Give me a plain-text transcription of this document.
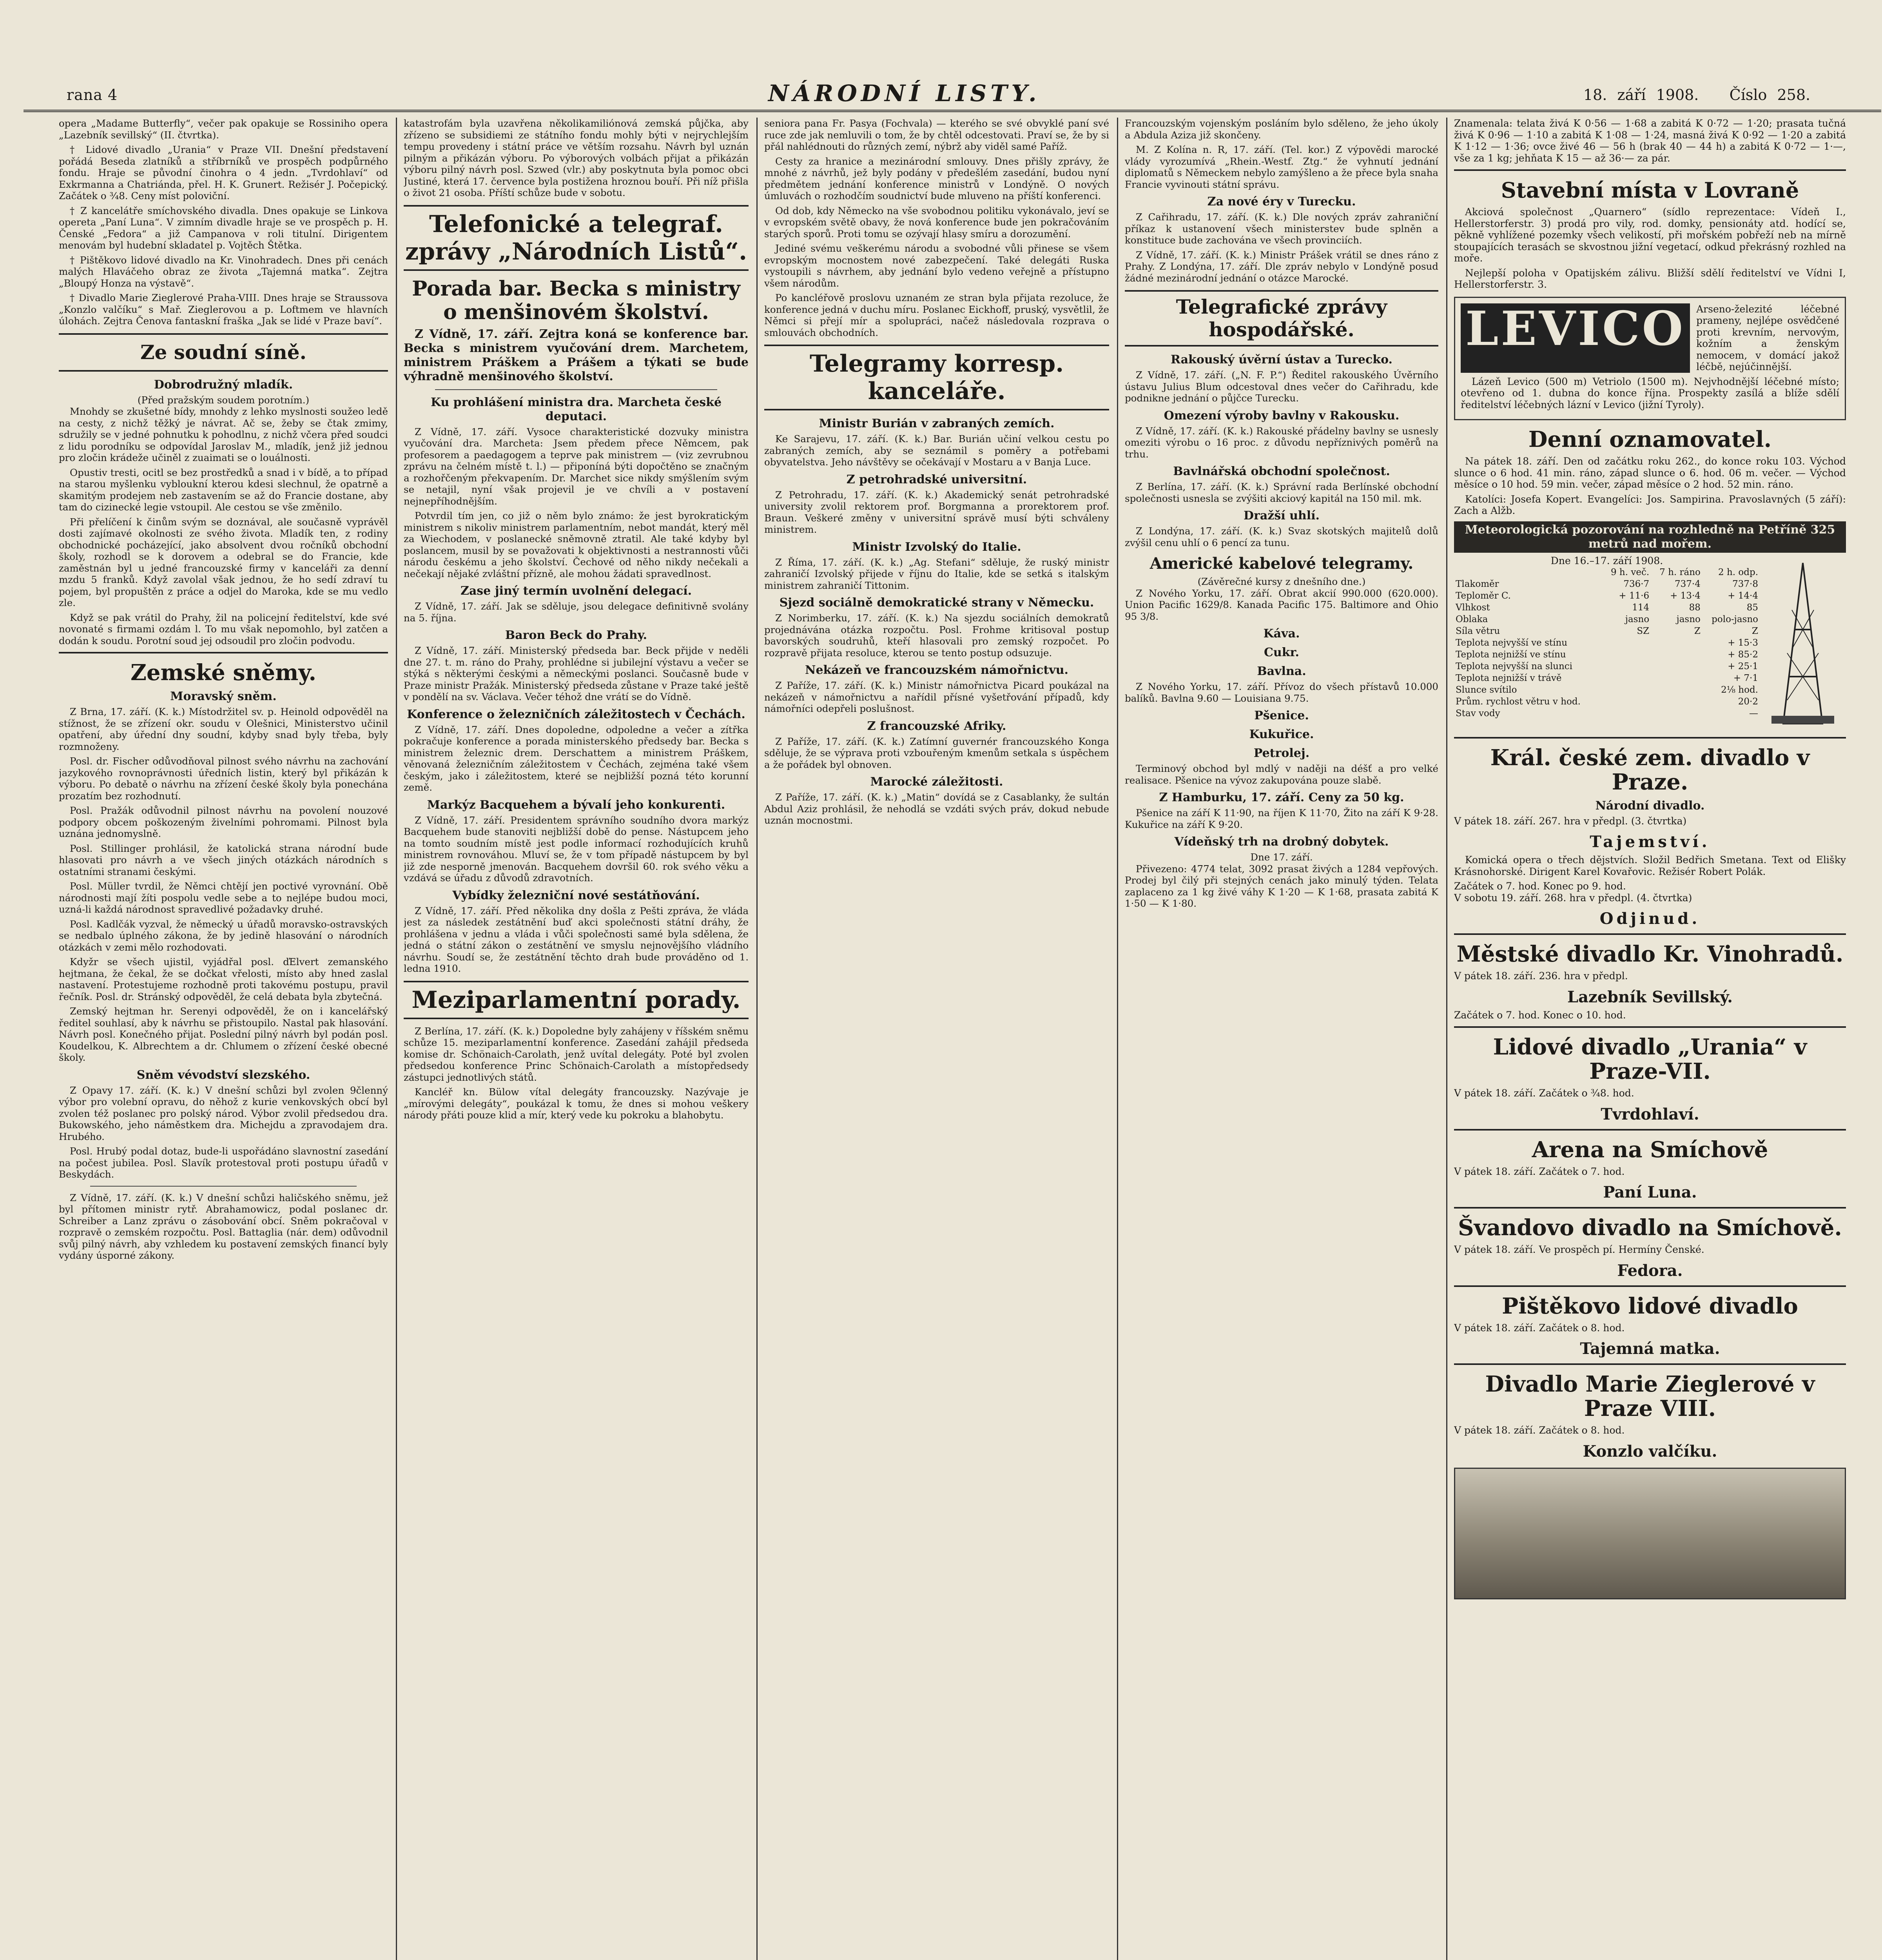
rana 4	NÁRODNÍ LISTY.	18. září 1908. Číslo 258.

opera „Madame Butterfly“, večer pak opakuje se Rossiniho opera „Lazebník sevillský“ (II. čtvrtka).

† Lidové divadlo „Urania“ v Praze VII. Dnešní představení pořádá Beseda zlatníků a stříbrníků ve prospěch podpůrného fondu. Hraje se původní činohra o 4 jedn. „Tvrdohlaví“ od Exkrmanna a Chatriánda, přel. H. K. Grunert. Režisér J. Počepický. Začátek o ¾8. Ceny míst poloviční.

† Z kancelátře smíchovského divadla. Dnes opakuje se Linkova opereta „Paní Luna“. V zimním divadle hraje se ve prospěch p. H. Čenské „Fedora“ a již Campanova v roli titulní. Dirigentem menovám byl hudební skladatel p. Vojtěch Štětka.

† Pištěkovo lidové divadlo na Kr. Vinohradech. Dnes při cenách malých Hlaváčeho obraz ze života „Tajemná matka“. Zejtra „Bloupý Honza na výstavě“.

† Divadlo Marie Zieglerové Praha-VIII. Dnes hraje se Straussova „Konzlo valčíku“ s Mař. Zieglerovou a p. Loftmem ve hlavních úlohách. Zejtra Čenova fantaskní fraška „Jak se lidé v Praze baví“.

Ze soudní síně.
Dobrodružný mladík.
(Před pražským soudem porotním.)

Mnohdy se zkušetné bídy, mnohdy z lehko myslnosti soužeo ledě na cesty, z nichž těžký je návrat. Ač se, žeby se čtak zmimy, sdružily se v jedné pohnutku k pohodlnu, z nichž včera před soudci z lidu porodníku se odpovídal Jaroslav M., mladík, jenž již jednou pro zločin krádeže učiněl z zuaimati se o louálnosti.

Opustiv tresti, ocitl se bez prostředků a snad i v bídě, a to případ na starou myšlenku vybloukní kterou kdesi slechnul, že opatrně a skamitým prodejem neb zastavením se až do Francie dostane, aby tam do cizinecké legie vstoupil. Ale cestou se vše změnilo.

Při přelíčení k činům svým se doznával, ale současně vyprávěl dosti zajímavé okolnosti ze svého života. Mladík ten, z rodiny obchodnické pocházející, jako absolvent dvou ročníků obchodní školy, rozhodl se k dorovem a odebral se do Francie, kde zaměstnán byl u jedné francouzské firmy v kanceláři za denní mzdu 5 franků. Když zavolal však jednou, že ho sedí zdraví tu pojem, byl propuštěn z práce a odjel do Maroka, kde se mu vedlo zle.

Když se pak vrátil do Prahy, žil na policejní ředitelství, kde své novonaté s firmami ozdám l. To mu však nepomohlo, byl zatčen a dodán k soudu. Porotní soud jej odsoudil pro zločin podvodu.

Zemské sněmy.
Moravský sněm.

Z Brna, 17. září. (K. k.) Místodržitel sv. p. Heinold odpověděl na stížnost, že se zřízení okr. soudu v Olešnici, Ministerstvo učinil opatření, aby úřední dny soudní, kdyby snad byly třeba, byly rozmnoženy.

Posl. dr. Fischer odůvodňoval pilnost svého návrhu na zachování jazykového rovnoprávnosti úředních listin, který byl přikázán k výboru. Po debatě o návrhu na zřízení české školy byla ponechána prozatím bez rozhodnutí.

Posl. Pražák odůvodnil pilnost návrhu na povolení nouzové podpory obcem poškozeným živelními pohromami. Pilnost byla uznána jednomyslně.

Posl. Stillinger prohlásil, že katolická strana národní bude hlasovati pro návrh a ve všech jiných otázkách národních s ostatními stranami českými.

Posl. Müller tvrdil, že Němci chtějí jen poctivé vyrovnání. Obě národnosti mají žíti pospolu vedle sebe a to nejlépe budou moci, uzná-li každá národnost spravedlivé požadavky druhé.

Posl. Kadlčák vyzval, že německý u úřadů moravsko-ostravských se nedbalo úplného zákona, že by jedině hlasování o národních otázkách v zemi mělo rozhodovati.

Kdyžr se všech ujistil, vyjádřal posl. ďElvert zemanského hejtmana, že čekal, že se dočkat vřelosti, místo aby hned zaslal nastavení. Protestujeme rozhodně proti takovému postupu, pravil řečník. Posl. dr. Stránský odpověděl, že celá debata byla zbytečná.

Zemský hejtman hr. Serenyi odpověděl, že on i kancelářský ředitel souhlasí, aby k návrhu se přistoupilo. Nastal pak hlasování. Návrh posl. Konečného přijat. Poslední pilný návrh byl podán posl. Koudelkou, K. Albrechtem a dr. Chlumem o zřízení české obecné školy.

Sněm vévodství slezského.

Z Opavy 17. září. (K. k.) V dnešní schůzi byl zvolen 9členný výbor pro volební opravu, do něhož z kurie venkovských obcí byl zvolen též poslanec pro polský národ. Výbor zvolil předsedou dra. Bukowského, jeho náměstkem dra. Michejdu a zpravodajem dra. Hrubého.

Posl. Hrubý podal dotaz, bude-li uspořádáno slavnostní zasedání na počest jubilea. Posl. Slavík protestoval proti postupu úřadů v Beskydách.

Z Vídně, 17. září. (K. k.) V dnešní schůzi haličského sněmu, jež byl přítomen ministr rytř. Abrahamowicz, podal poslanec dr. Schreiber a Lanz zprávu o zásobování obcí. Sněm pokračoval v rozpravě o zemském rozpočtu. Posl. Battaglia (nár. dem) odůvodnil svůj pilný návrh, aby vzhledem ku postavení zemských financí byly vydány úsporné zákony.

katastrofám byla uzavřena několikamiliónová zemská půjčka, aby zřízeno se subsidiemi ze státního fondu mohly býti v nejrychlejším tempu provedeny i státní práce ve větším rozsahu. Návrh byl uznán pilným a přikázán výboru. Po výborových volbách přijat a přikázán výboru pilný návrh posl. Szwed (vlr.) aby poskytnuta byla pomoc obci Justiné, která 17. července byla postižena hroznou bouří. Při níž přišla o život 21 osoba. Příští schůze bude v sobotu.

Telefonické a telegraf. zprávy „Národních Listů“.
Porada bar. Becka s ministry o menšinovém školství.

Z Vídně, 17. září. Zejtra koná se konference bar. Becka s ministrem vyučování drem. Marchetem, ministrem Práškem a Prášem a týkati se bude výhradně menšinového školství.

Ku prohlášení ministra dra. Marcheta české deputaci.

Z Vídně, 17. září. Vysoce charakteristické dozvuky ministra vyučování dra. Marcheta: Jsem předem přece Němcem, pak profesorem a paedagogem a teprve pak ministrem — (viz zevrubnou zprávu na čelném místě t. l.) — připoníná býti dopočtěno se značným a rozhořčeným překvapením. Dr. Marchet sice nikdy smýšlením svým se netajil, nyní však projevil je ve chvíli a v postavení nejnepříhodnějším.

Potvrdil tím jen, co již o něm bylo známo: že jest byrokratickým ministrem s nikoliv ministrem parlamentním, nebot mandát, který měl za Wiechodem, v poslanecké sněmovně ztratil. Ale také kdyby byl poslancem, musil by se považovati k objektivnosti a nestrannosti vůči národu českému a jeho školství. Čechové od něho nikdy nečekali a nečekají nějaké zvláštní přízně, ale mohou žádati spravedlnost.

Zase jiný termín uvolnění delegací.

Z Vídně, 17. září. Jak se sděluje, jsou delegace definitivně svolány na 5. října.

Baron Beck do Prahy.

Z Vídně, 17. září. Ministerský předseda bar. Beck přijde v neděli dne 27. t. m. ráno do Prahy, prohlédne si jubilejní výstavu a večer se stýká s některými českými a německými poslanci. Současně bude v Praze ministr Pražák. Ministerský předseda zůstane v Praze také ještě v pondělí na sv. Václava. Večer téhož dne vrátí se do Vídně.

Konference o železničních záležitostech v Čechách.

Z Vídně, 17. září. Dnes dopoledne, odpoledne a večer a zítřka pokračuje konference a porada ministerského předsedy bar. Becka s ministrem železnic drem. Derschattem a ministrem Práškem, věnovaná železničním záležitostem v Čechách, zejména také všem českým, jako i záležitostem, které se nejbližší pozná této korunní země.

Markýz Bacquehem a bývalí jeho konkurenti.

Z Vídně, 17. září. Presidentem správního soudního dvora markýz Bacquehem bude stanoviti nejbližší době do pense. Nástupcem jeho na tomto soudním místě jest podle informací rozhodujících kruhů ministrem rovnováhou. Mluví se, že v tom případě nástupcem by byl již zde nesporně jmenován. Bacquehem dovršil 60. rok svého věku a vzdává se úřadu z důvodů zdravotních.

Vybídky železniční nové sestátňování.

Z Vídně, 17. září. Před několika dny došla z Pešti zpráva, že vláda jest za následek zestátnění buď akci společnosti státní dráhy, že prohlášena v jednu a vláda i vůči společnosti samé byla sdělena, že jedná o státní zákon o zestátnění ve smyslu nejnovějšího vládního návrhu. Soudí se, že zestátnění těchto drah bude prováděno od 1. ledna 1910.

Meziparlamentní porady.

Z Berlína, 17. září. (K. k.) Dopoledne byly zahájeny v říšském sněmu schůze 15. meziparlamentní konference. Zasedání zahájil předseda komise dr. Schönaich-Carolath, jenž uvítal delegáty. Poté byl zvolen předsedou konference Princ Schönaich-Carolath a místopředsedy zástupci jednotlivých států.

Kancléř kn. Bülow vítal delegáty francouzsky. Nazývaje je „mírovými delegáty“, poukázal k tomu, že dnes si mohou veškery národy přáti pouze klid a mír, který vede ku pokroku a blahobytu.

seniora pana Fr. Pasya (Fochvala) — kterého se své obvyklé paní své ruce zde jak nemluvili o tom, že by chtěl odcestovati. Praví se, že by si přál nahlédnouti do různých zemí, nýbrž aby viděl samé Paříž.

Cesty za hranice a mezinárodní smlouvy. Dnes přišly zprávy, že mnohé z návrhů, jež byly podány v předešlém zasedání, budou nyní předmětem jednání konference ministrů v Londýně. O nových úmluvách o rozhodčím soudnictví bude mluveno na příští konferenci.

Od dob, kdy Německo na vše svobodnou politiku vykonávalo, jeví se v evropském světě obavy, že nová konference bude jen pokračováním starých sporů. Proti tomu se ozývají hlasy smíru a dorozumění.

Jediné svému veškerému národu a svobodné vůli přinese se všem evropským mocnostem nové zabezpečení. Také delegáti Ruska vystoupili s návrhem, aby jednání bylo vedeno veřejně a přístupno všem národům.

Po kancléřově proslovu uznaném ze stran byla přijata rezoluce, že konference jedná v duchu míru. Poslanec Eickhoff, pruský, vysvětlil, že Němci si přejí mír a spolupráci, načež následovala rozprava o smlouvách obchodních.

Telegramy korresp. kanceláře.
Ministr Burián v zabraných zemích.

Ke Sarajevu, 17. září. (K. k.) Bar. Burián učiní velkou cestu po zabraných zemích, aby se seznámil s poměry a potřebami obyvatelstva. Jeho návštěvy se očekávají v Mostaru a v Banja Luce.

Z petrohradské universitní.

Z Petrohradu, 17. září. (K. k.) Akademický senát petrohradské university zvolil rektorem prof. Borgmanna a prorektorem prof. Braun. Veškeré změny v universitní správě musí býti schváleny ministrem.

Ministr Izvolský do Italie.

Z Říma, 17. září. (K. k.) „Ag. Stefani“ sděluje, že ruský ministr zahraničí Izvolský přijede v říjnu do Italie, kde se setká s italským ministrem zahraničí Tittonim.

Sjezd sociálně demokratické strany v Německu.

Z Norimberku, 17. září. (K. k.) Na sjezdu sociálních demokratů projednávána otázka rozpočtu. Posl. Frohme kritisoval postup bavorských soudruhů, kteří hlasovali pro zemský rozpočet. Po rozpravě přijata resoluce, kterou se tento postup odsuzuje.

Nekázeň ve francouzském námořnictvu.

Z Paříže, 17. září. (K. k.) Ministr námořnictva Picard poukázal na nekázeň v námořnictvu a nařídil přísné vyšetřování případů, kdy námořníci odepřeli poslušnost.

Z francouzské Afriky.

Z Paříže, 17. září. (K. k.) Zatímní guvernér francouzského Konga sděluje, že se výprava proti vzbouřeným kmenům setkala s úspěchem a že pořádek byl obnoven.

Marocké záležitosti.

Z Paříže, 17. září. (K. k.) „Matin“ dovídá se z Casablanky, že sultán Abdul Aziz prohlásil, že nehodlá se vzdáti svých práv, dokud nebude uznán mocnostmi.

Francouzským vojenským posláním bylo sděleno, že jeho úkoly a Abdula Aziza již skončeny.

M. Z Kolína n. R, 17. září. (Tel. kor.) Z výpovědi marocké vlády vyrozumívá „Rhein.-Westf. Ztg.“ že vyhnutí jednání diplomatů s Německem nebylo zamýšleno a že přece byla snaha Francie vyvinouti státní správu.

Za nové éry v Turecku.

Z Cařihradu, 17. září. (K. k.) Dle nových zpráv zahraniční příkaz k ustanovení všech ministerstev bude splněn a konstituce bude zachována ve všech provinciích.

Z Vídně, 17. září. (K. k.) Ministr Prášek vrátil se dnes ráno z Prahy. Z Londýna, 17. září. Dle zpráv nebylo v Londýně posud žádné mezinárodní jednání o otázce Marocké.

Telegrafické zprávy hospodářské.
Rakouský úvěrní ústav a Turecko.

Z Vídně, 17. září. („N. F. P.“) Ředitel rakouského Úvěrního ústavu Julius Blum odcestoval dnes večer do Cařihradu, kde podnikne jednání o půjčce Turecku.

Omezení výroby bavlny v Rakousku.

Z Vídně, 17. září. (K. k.) Rakouské přádelny bavlny se usnesly omeziti výrobu o 16 proc. z důvodu nepříznivých poměrů na trhu.

Bavlnářská obchodní společnost.

Z Berlína, 17. září. (K. k.) Správní rada Berlínské obchodní společnosti usnesla se zvýšiti akciový kapitál na 150 mil. mk.

Dražší uhlí.

Z Londýna, 17. září. (K. k.) Svaz skotských majitelů dolů zvýšil cenu uhlí o 6 pencí za tunu.

Americké kabelové telegramy.
(Závěrečné kursy z dnešního dne.)

Z Nového Yorku, 17. září. Obrat akcií 990.000 (620.000). Union Pacific 1629/8. Kanada Pacific 175. Baltimore and Ohio 95 3/8.

Káva.
Cukr.
Bavlna.

Z Nového Yorku, 17. září. Přívoz do všech přístavů 10.000 balíků. Bavlna 9.60 — Louisiana 9.75.

Pšenice.
Kukuřice.
Petrolej.

Terminový obchod byl mdlý v naději na déšť a pro velké realisace. Pšenice na vývoz zakupována pouze slabě.

Z Hamburku, 17. září. Ceny za 50 kg.

Pšenice na září K 11·90, na říjen K 11·70, Žito na září K 9·28. Kukuřice na září K 9·20.

Vídeňský trh na drobný dobytek.
Dne 17. září.

Přivezeno: 4774 telat, 3092 prasat živých a 1284 vepřových. Prodej byl čilý při stejných cenách jako minulý týden. Telata zaplaceno za 1 kg živé váhy K 1·20 — K 1·68, prasata zabitá K 1·50 — K 1·80.

Znamenala: telata živá K 0·56 — 1·68 a zabitá K 0·72 — 1·20; prasata tučná živá K 0·96 — 1·10 a zabitá K 1·08 — 1·24, masná živá K 0·92 — 1·20 a zabitá K 1·12 — 1·36; ovce živé 46 — 56 h (brak 40 — 44 h) a zabitá K 0·72 — 1·—, vše za 1 kg; jehňata K 15 — až 36·— za pár.

Stavební místa v Lovraně

Akciová společnost „Quarnero“ (sídlo reprezentace: Vídeň I., Hellerstorferstr. 3) prodá pro vily, rod. domky, pensionáty atd. hodící se, pěkně vyhlížené pozemky všech velikostí, při mořském pobřeží neb na mírně stoupajících terasách se skvostnou jižní vegetací, odkud překrásný rozhled na moře.

Nejlepší poloha v Opatijském zálivu. Bližší sdělí ředitelství ve Vídni I, Hellerstorferstr. 3.

LEVICO	Arseno-železité léčebné prameny, nejlépe osvědčené proti krevním, nervovým, kožním a ženským nemocem, v domácí jakož léčbě, nejúčinnější.

Lázeň Levico (500 m) Vetriolo (1500 m). Nejvhodnější léčebné místo; otevřeno od 1. dubna do konce října. Prospekty zasílá a blíže sdělí ředitelství léčebných lázní v Levico (jižní Tyroly).

Denní oznamovatel.

Na pátek 18. září. Den od začátku roku 262., do konce roku 103. Východ slunce o 6 hod. 41 min. ráno, západ slunce o 6. hod. 06 m. večer. — Východ měsíce o 10 hod. 59 min. večer, západ měsíce o 2 hod. 52 min. ráno.

Katolíci: Josefa Kopert. Evangelíci: Jos. Sampirina. Pravoslavných (5 září): Zach a Alžb.

Meteorologická pozorování na rozhledně na Petříně 325 metrů nad mořem.
Dne 16.–17. září 1908.
	9 h. več.	7 h. ráno	2 h. odp.
Tlakoměr	736·7	737·4	737·8
Teploměr C.	+ 11·6	+ 13·4	+ 14·4
Vlhkost	114	88	85
Oblaka	jasno	jasno	polo-jasno
Síla větru	SZ	Z	Z
Teplota nejvyšší ve stínu			+ 15·3
Teplota nejnižší ve stínu			+ 85·2
Teplota nejvyšší na slunci			+ 25·1
Teplota nejnižší v trávě			+ 7·1
Slunce svítilo			2⅛ hod.
Prům. rychlost větru v hod.			20·2
Stav vody			—
Král. české zem. divadlo v Praze.
Národní divadlo.
V pátek 18. září. 267. hra v předpl. (3. čtvrtka)
Tajemství.

Komická opera o třech dějstvích. Složil Bedřich Smetana. Text od Elišky Krásnohorské. Dirigent Karel Kovařovic. Režisér Robert Polák.

Začátek o 7. hod. Konec po 9. hod.
V sobotu 19. září. 268. hra v předpl. (4. čtvrtka)
Odjinud.
Městské divadlo Kr. Vinohradů.
V pátek 18. září. 236. hra v předpl.
Lazebník Sevillský.
Začátek o 7. hod. Konec o 10. hod.
Lidové divadlo „Urania“ v Praze-VII.
V pátek 18. září. Začátek o ¾8. hod.
Tvrdohlaví.
Arena na Smíchově
V pátek 18. září. Začátek o 7. hod.
Paní Luna.
Švandovo divadlo na Smíchově.
V pátek 18. září. Ve prospěch pí. Hermíny Čenské.
Fedora.
Pištěkovo lidové divadlo
V pátek 18. září. Začátek o 8. hod.
Tajemná matka.
Divadlo Marie Zieglerové v Praze VIII.
V pátek 18. září. Začátek o 8. hod.
Konzlo valčíku.
